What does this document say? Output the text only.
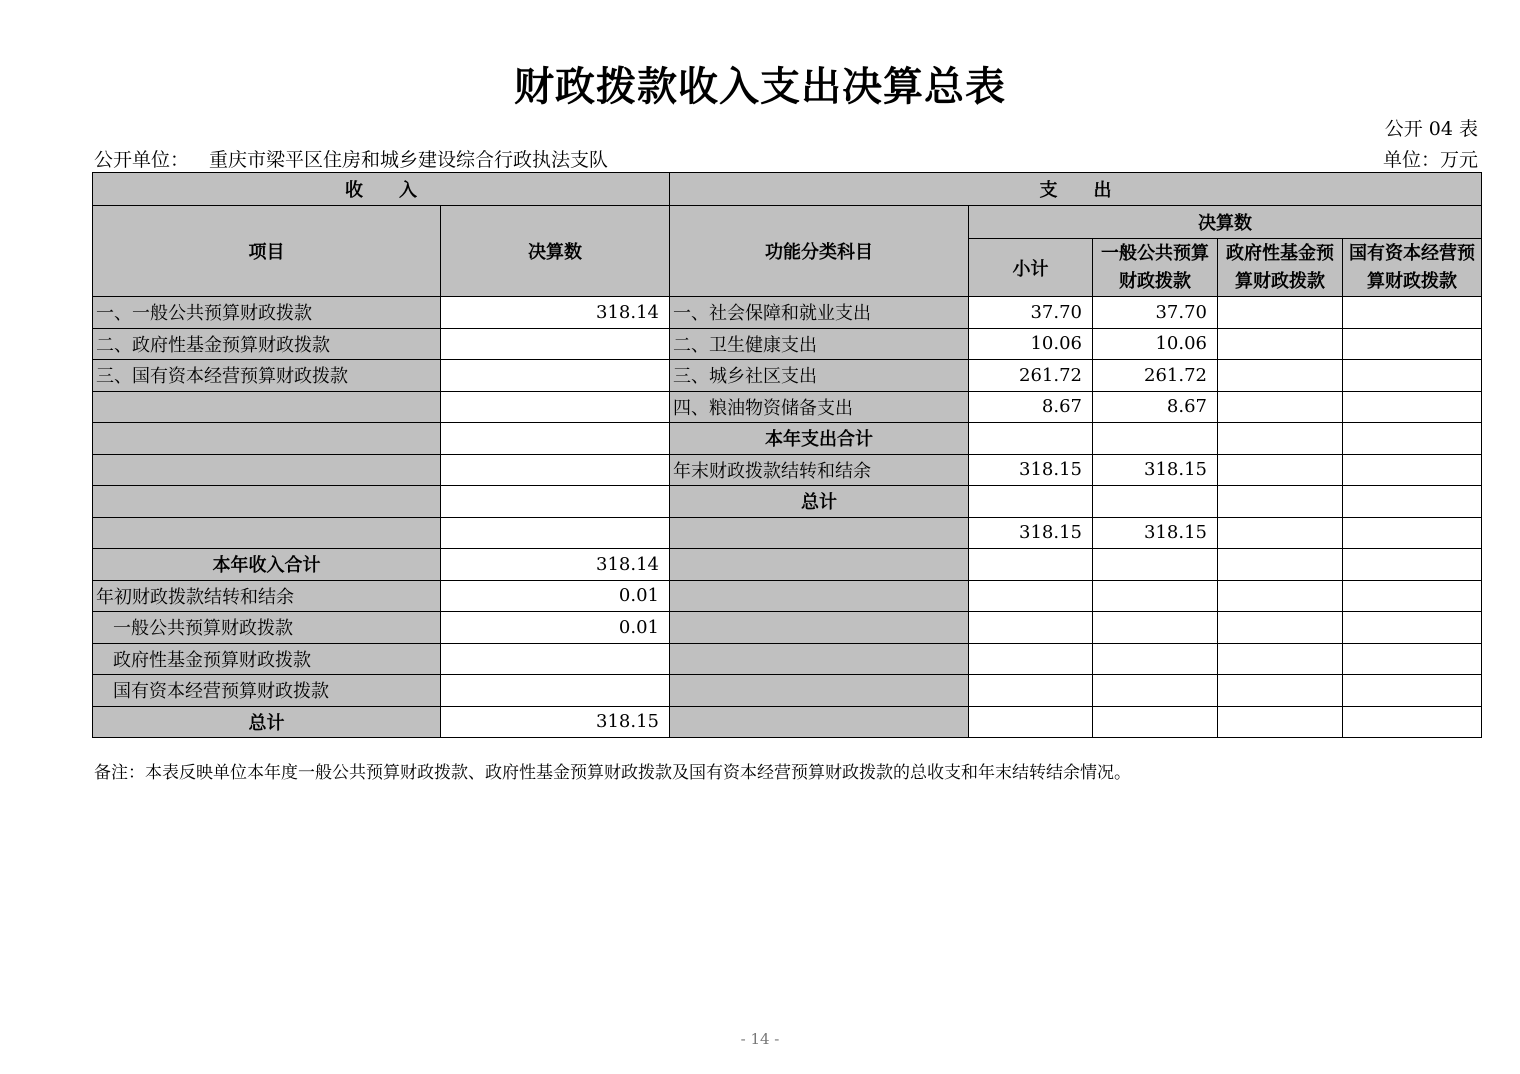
财政拨款收入支出决算总表
公开 04 表
公开单位： 重庆市梁平区住房和城乡建设综合行政执法支队	单位：万元
收　　入		支　　出				
项目	决算数	功能分类科目	决算数			
			小计	一般公共预算财政拨款	政府性基金预算财政拨款	国有资本经营预算财政拨款

一、一般公共预算财政拨款	318.14	一、社会保障和就业支出	37.70	37.70		
二、政府性基金预算财政拨款		二、卫生健康支出	10.06	10.06		
三、国有资本经营预算财政拨款		三、城乡社区支出	261.72	261.72		
		四、粮油物资储备支出	8.67	8.67		
		本年支出合计				
		年末财政拨款结转和结余	318.15	318.15		
		总计				
			318.15	318.15		
本年收入合计	318.14					
年初财政拨款结转和结余	0.01					
一般公共预算财政拨款	0.01					
政府性基金预算财政拨款						
国有资本经营预算财政拨款						
总计	318.15					
备注：本表反映单位本年度一般公共预算财政拨款、政府性基金预算财政拨款及国有资本经营预算财政拨款的总收支和年末结转结余情况。
- 14 -
